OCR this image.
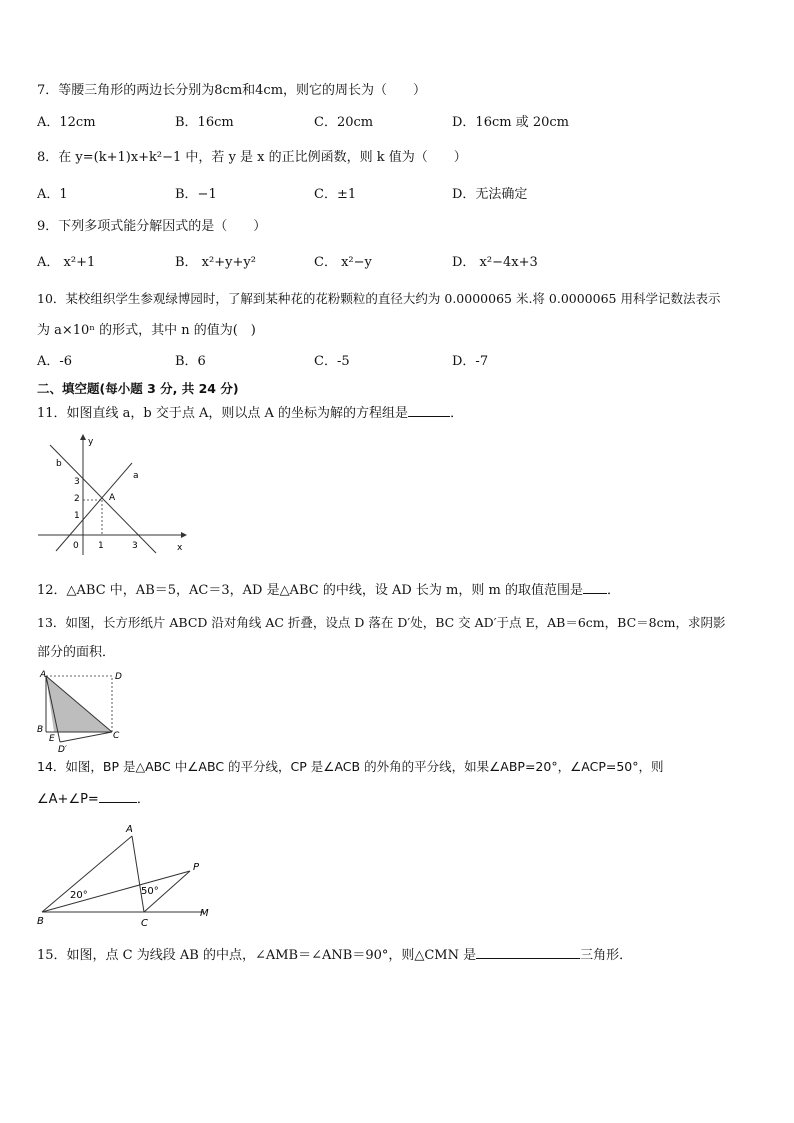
7．等腰三角形的两边长分别为8cm和4cm，则它的周长为（　　）
A．12cm	B．16cm	C．20cm	D．16cm 或 20cm
8．在 y=(k+1)x+k²−1 中，若 y 是 x 的正比例函数，则 k 值为（　　）
A．1	B．−1	C．±1	D．无法确定
9．下列多项式能分解因式的是（　　）
A． x²+1	B． x²+y+y²	C． x²−y	D． x²−4x+3
10．某校组织学生参观绿博园时，了解到某种花的花粉颗粒的直径大约为 0.0000065 米.将 0.0000065 用科学记数法表示
为 a×10ⁿ 的形式，其中 n 的值为(　)
A．-6	B．6	C．-5	D．-7
二、填空题(每小题 3 分, 共 24 分)
11．如图直线 a，b 交于点 A，则以点 A 的坐标为解的方程组是	．
y
x
a
b
A
3
2
1
0 1	3
12．△ABC 中，AB＝5，AC＝3，AD 是△ABC 的中线，设 AD 长为 m，则 m 的取值范围是 ．
13．如图，长方形纸片 ABCD 沿对角线 AC 折叠，设点 D 落在 D′处，BC 交 AD′于点 E，AB＝6cm，BC＝8cm，求阴影
部分的面积．
A	D
B
C
E
D′
14．如图，BP 是△ABC 中∠ABC 的平分线，CP 是∠ACB 的外角的平分线，如果∠ABP=20°，∠ACP=50°，则
∠A+∠P=	．
A
B	C
P
M
20°	50°
15．如图，点 C 为线段 AB 的中点，∠AMB＝∠ANB＝90°，则△CMN 是	三角形．
